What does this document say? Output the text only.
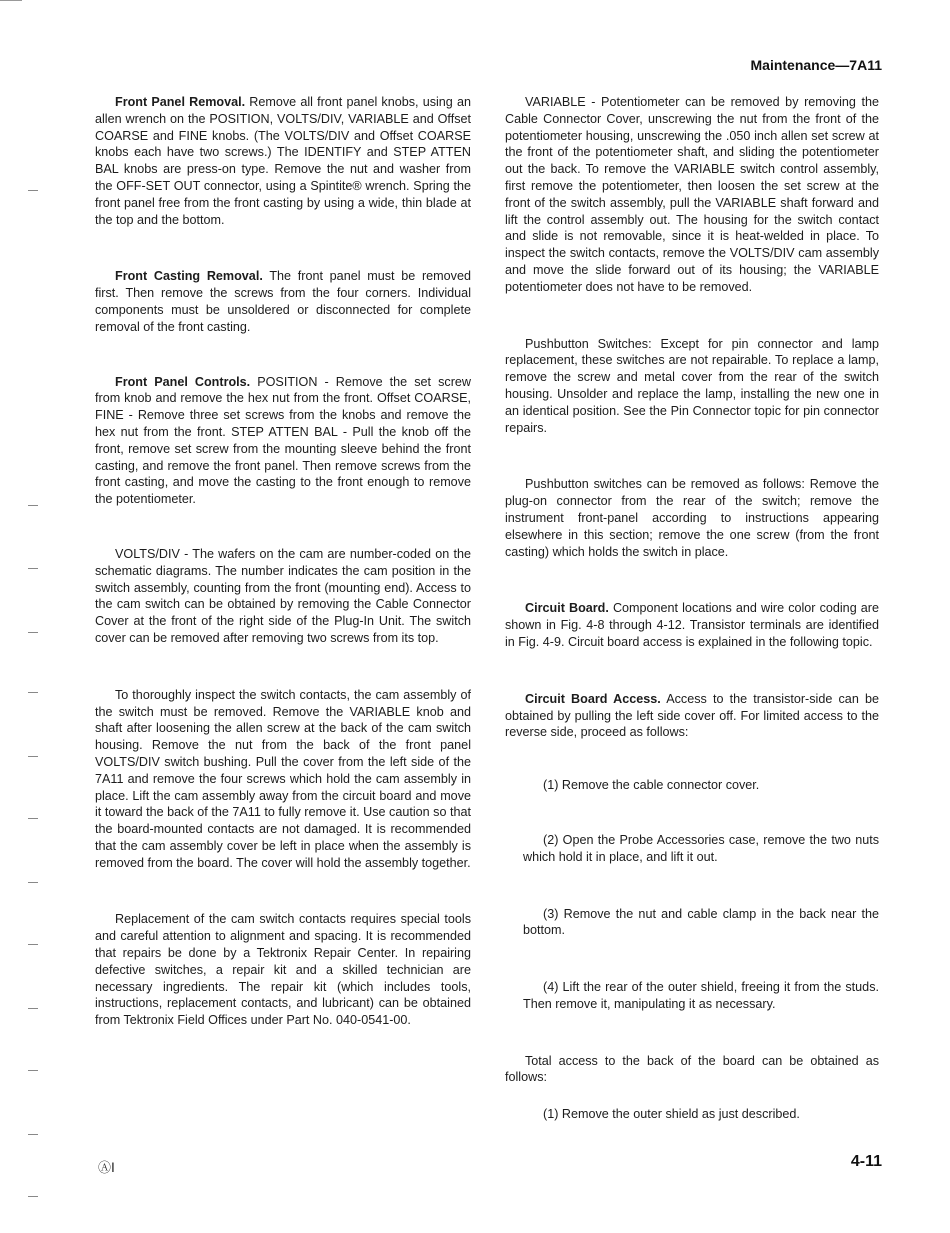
Maintenance—7A11

Front Panel Removal. Remove all front panel knobs, using an allen wrench on the POSITION, VOLTS/DIV, VARIABLE and Offset COARSE and FINE knobs. (The VOLTS/DIV and Offset COARSE knobs each have two screws.) The IDENTIFY and STEP ATTEN BAL knobs are press-on type. Remove the nut and washer from the OFF-SET OUT connector, using a Spintite® wrench. Spring the front panel free from the front casting by using a wide, thin blade at the top and the bottom.

Front Casting Removal. The front panel must be removed first. Then remove the screws from the four corners. Individual components must be unsoldered or disconnected for complete removal of the front casting.

Front Panel Controls. POSITION - Remove the set screw from knob and remove the hex nut from the front. Offset COARSE, FINE - Remove three set screws from the knobs and remove the hex nut from the front. STEP ATTEN BAL - Pull the knob off the front, remove set screw from the mounting sleeve behind the front casting, and remove the front panel. Then remove screws from the front casting, and move the casting to the front enough to remove the potentiometer.

VOLTS/DIV - The wafers on the cam are number-coded on the schematic diagrams. The number indicates the cam position in the switch assembly, counting from the front (mounting end). Access to the cam switch can be obtained by removing the Cable Connector Cover at the front of the right side of the Plug-In Unit. The switch cover can be removed after removing two screws from its top.

To thoroughly inspect the switch contacts, the cam assembly of the switch must be removed. Remove the VARIABLE knob and shaft after loosening the allen screw at the back of the cam switch housing. Remove the nut from the back of the front panel VOLTS/DIV switch bushing. Pull the cover from the left side of the 7A11 and remove the four screws which hold the cam assembly in place. Lift the cam assembly away from the circuit board and move it toward the back of the 7A11 to fully remove it. Use caution so that the board-mounted contacts are not damaged. It is recommended that the cam assembly cover be left in place when the assembly is removed from the board. The cover will hold the assembly together.

Replacement of the cam switch contacts requires special tools and careful attention to alignment and spacing. It is recommended that repairs be done by a Tektronix Repair Center. In repairing defective switches, a repair kit and a skilled technician are necessary ingredients. The repair kit (which includes tools, instructions, replacement contacts, and lubricant) can be obtained from Tektronix Field Offices under Part No. 040-0541-00.

VARIABLE - Potentiometer can be removed by removing the Cable Connector Cover, unscrewing the nut from the front of the potentiometer housing, unscrewing the .050 inch allen set screw at the front of the potentiometer shaft, and sliding the potentiometer out the back. To remove the VARIABLE switch control assembly, first remove the potentiometer, then loosen the set screw at the front of the switch assembly, pull the VARIABLE shaft forward and lift the control assembly out. The housing for the switch contact and slide is not removable, since it is heat-welded in place. To inspect the switch contacts, remove the VOLTS/DIV cam assembly and move the slide forward out of its housing; the VARIABLE potentiometer does not have to be removed.

Pushbutton Switches: Except for pin connector and lamp replacement, these switches are not repairable. To replace a lamp, remove the screw and metal cover from the rear of the switch housing. Unsolder and replace the lamp, installing the new one in an identical position. See the Pin Connector topic for pin connector repairs.

Pushbutton switches can be removed as follows: Remove the plug-on connector from the rear of the switch; remove the instrument front-panel according to instructions appearing elsewhere in this section; remove the one screw (from the front casting) which holds the switch in place.

Circuit Board. Component locations and wire color coding are shown in Fig. 4-8 through 4-12. Transistor terminals are identified in Fig. 4-9. Circuit board access is explained in the following topic.

Circuit Board Access. Access to the transistor-side can be obtained by pulling the left side cover off. For limited access to the reverse side, proceed as follows:

(1) Remove the cable connector cover.

(2) Open the Probe Accessories case, remove the two nuts which hold it in place, and lift it out.

(3) Remove the nut and cable clamp in the back near the bottom.

(4) Lift the rear of the outer shield, freeing it from the studs. Then remove it, manipulating it as necessary.

Total access to the back of the board can be obtained as follows:

(1) Remove the outer shield as just described.

ⒶⅠ	4-11
